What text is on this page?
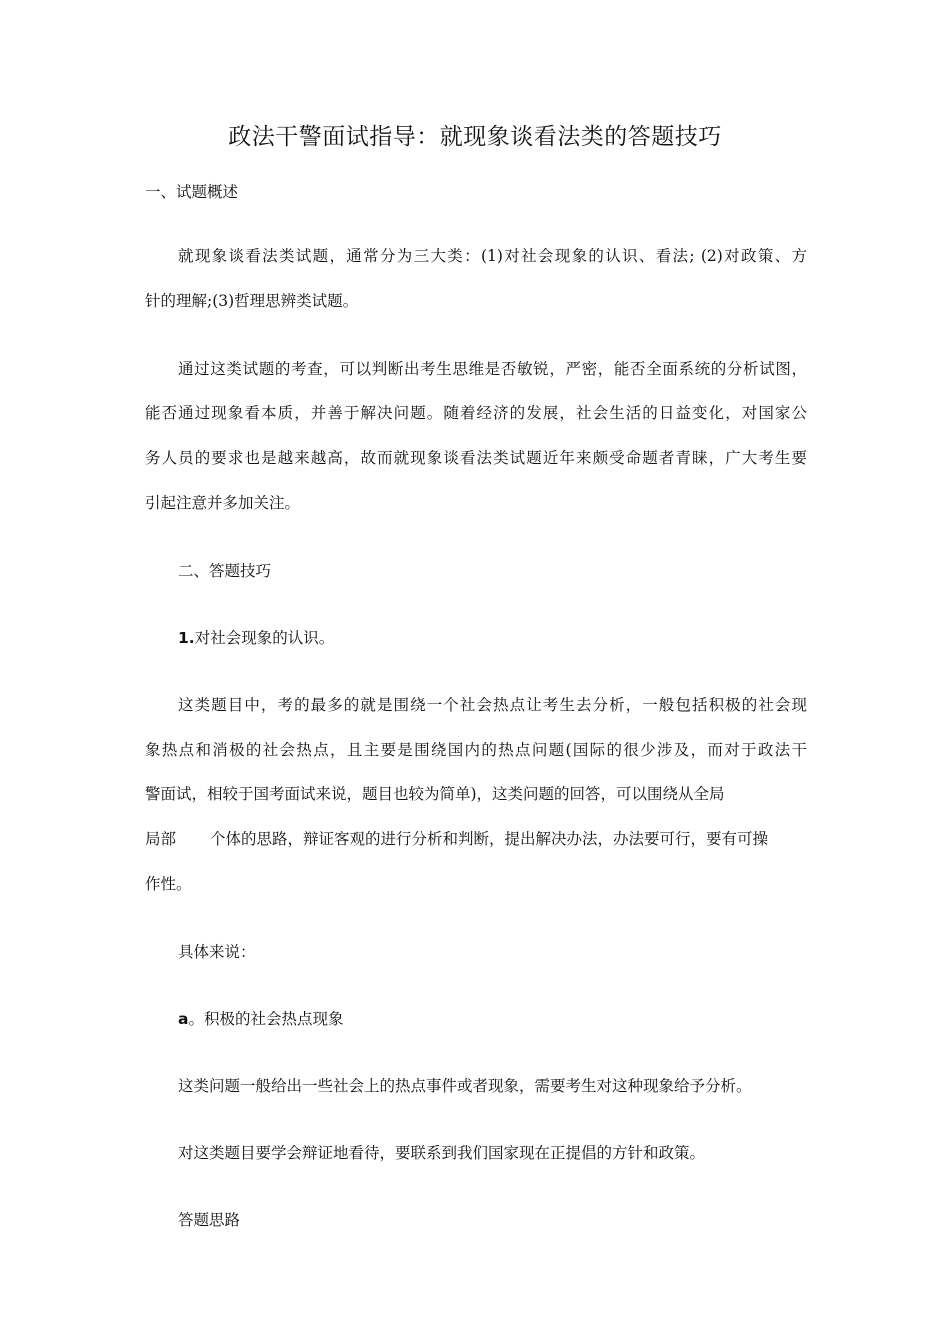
政法干警面试指导：就现象谈看法类的答题技巧
一、试题概述
就现象谈看法类试题，通常分为三大类：(1)对社会现象的认识、看法; (2)对政策、方
针的理解;(3)哲理思辨类试题。
通过这类试题的考查，可以判断出考生思维是否敏锐，严密，能否全面系统的分析试图，
能否通过现象看本质，并善于解决问题。随着经济的发展，社会生活的日益变化，对国家公
务人员的要求也是越来越高，故而就现象谈看法类试题近年来颇受命题者青睐，广大考生要
引起注意并多加关注。
二、答题技巧
1.对社会现象的认识。
这类题目中，考的最多的就是围绕一个社会热点让考生去分析，一般包括积极的社会现
象热点和消极的社会热点，且主要是围绕国内的热点问题(国际的很少涉及，而对于政法干
警面试，相较于国考面试来说，题目也较为简单)，这类问题的回答，可以围绕从全局
局部 个体的思路，辩证客观的进行分析和判断，提出解决办法，办法要可行，要有可操
作性。
具体来说：
a。积极的社会热点现象
这类问题一般给出一些社会上的热点事件或者现象，需要考生对这种现象给予分析。
对这类题目要学会辩证地看待，要联系到我们国家现在正提倡的方针和政策。
答题思路
